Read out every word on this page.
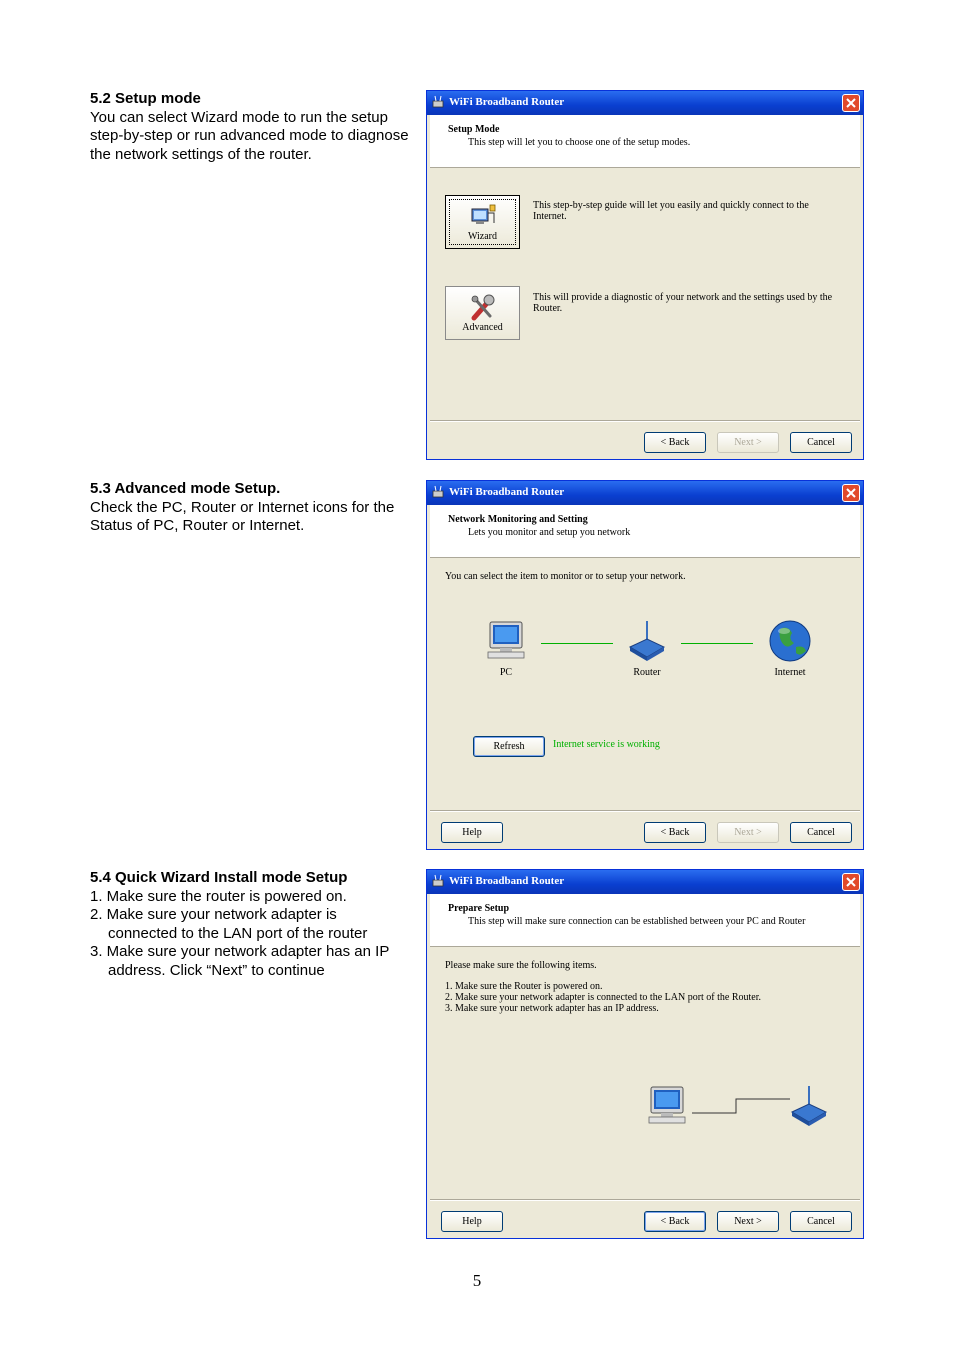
5.2 Setup mode

You can select Wizard mode to run the setup step-by-step or run advanced mode to diagnose the network settings of the router.

5.3 Advanced mode Setup.

Check the PC, Router or Internet icons for the Status of PC, Router or Internet.

5.4 Quick Wizard Install mode Setup
1. Make sure the router is powered on.
2. Make sure your network adapter is connected to the LAN port of the router
3. Make sure your network adapter has an IP address. Click “Next” to continue
WiFi Broadband Router
Setup Mode
This step will let you to choose one of the setup modes.
Wizard
This step-by-step guide will let you easily and quickly connect to the Internet.
Advanced
This will provide a diagnostic of your network and the settings used by the Router.
< Back	Next >	Cancel
WiFi Broadband Router
Network Monitoring and Setting
Lets you monitor and setup you network
You can select the item to monitor or to setup your network.
PC	Router	Internet
Refresh	Internet service is working
Help	< Back	Next >	Cancel
WiFi Broadband Router
Prepare Setup
This step will make sure connection can be established between your PC and Router
Please make sure the following items.
1. Make sure the Router is powered on.
2. Make sure your network adapter is connected to the LAN port of the Router.
3. Make sure your network adapter has an IP address.
Help	< Back	Next >	Cancel
5
